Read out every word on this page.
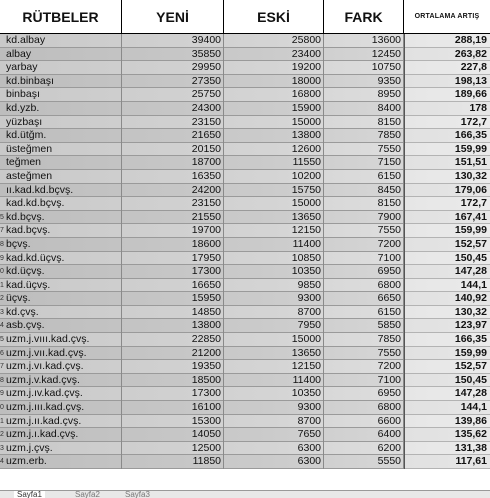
RÜTBELER	YENİ	ESKİ	FARK	ORTALAMA ARTIŞ
kd.albay	39400	25800	13600	288,19
albay	35850	23400	12450	263,82
yarbay	29950	19200	10750	227,8
kd.binbaşı	27350	18000	9350	198,13
binbaşı	25750	16800	8950	189,66
kd.yzb.	24300	15900	8400	178
yüzbaşı	23150	15000	8150	172,7
kd.ütğm.	21650	13800	7850	166,35
üsteğmen	20150	12600	7550	159,99
teğmen	18700	11550	7150	151,51
asteğmen	16350	10200	6150	130,32
ıı.kad.kd.bçvş.	24200	15750	8450	179,06
kad.kd.bçvş.	23150	15000	8150	172,7
5 kd.bçvş.	21550	13650	7900	167,41
7 kad.bçvş.	19700	12150	7550	159,99
8 bçvş.	18600	11400	7200	152,57
9 kad.kd.üçvş.	17950	10850	7100	150,45
0 kd.üçvş.	17300	10350	6950	147,28
1 kad.üçvş.	16650	9850	6800	144,1
2 üçvş.	15950	9300	6650	140,92
3 kd.çvş.	14850	8700	6150	130,32
4 asb.çvş.	13800	7950	5850	123,97
5 uzm.j.vııı.kad.çvş.	22850	15000	7850	166,35
6 uzm.j.vıı.kad.çvş.	21200	13650	7550	159,99
7 uzm.j.vı.kad.çvş.	19350	12150	7200	152,57
8 uzm.j.v.kad.çvş.	18500	11400	7100	150,45
9 uzm.j.ıv.kad.çvş.	17300	10350	6950	147,28
0 uzm.j.ııı.kad.çvş.	16100	9300	6800	144,1
1 uzm.j.ıı.kad.çvş.	15300	8700	6600	139,86
2 uzm.j.ı.kad.çvş.	14050	7650	6400	135,62
3 uzm.j.çvş.	12500	6300	6200	131,38
4 uzm.erb.	11850	6300	5550	117,61
Sayfa1	Sayfa2	Sayfa3
